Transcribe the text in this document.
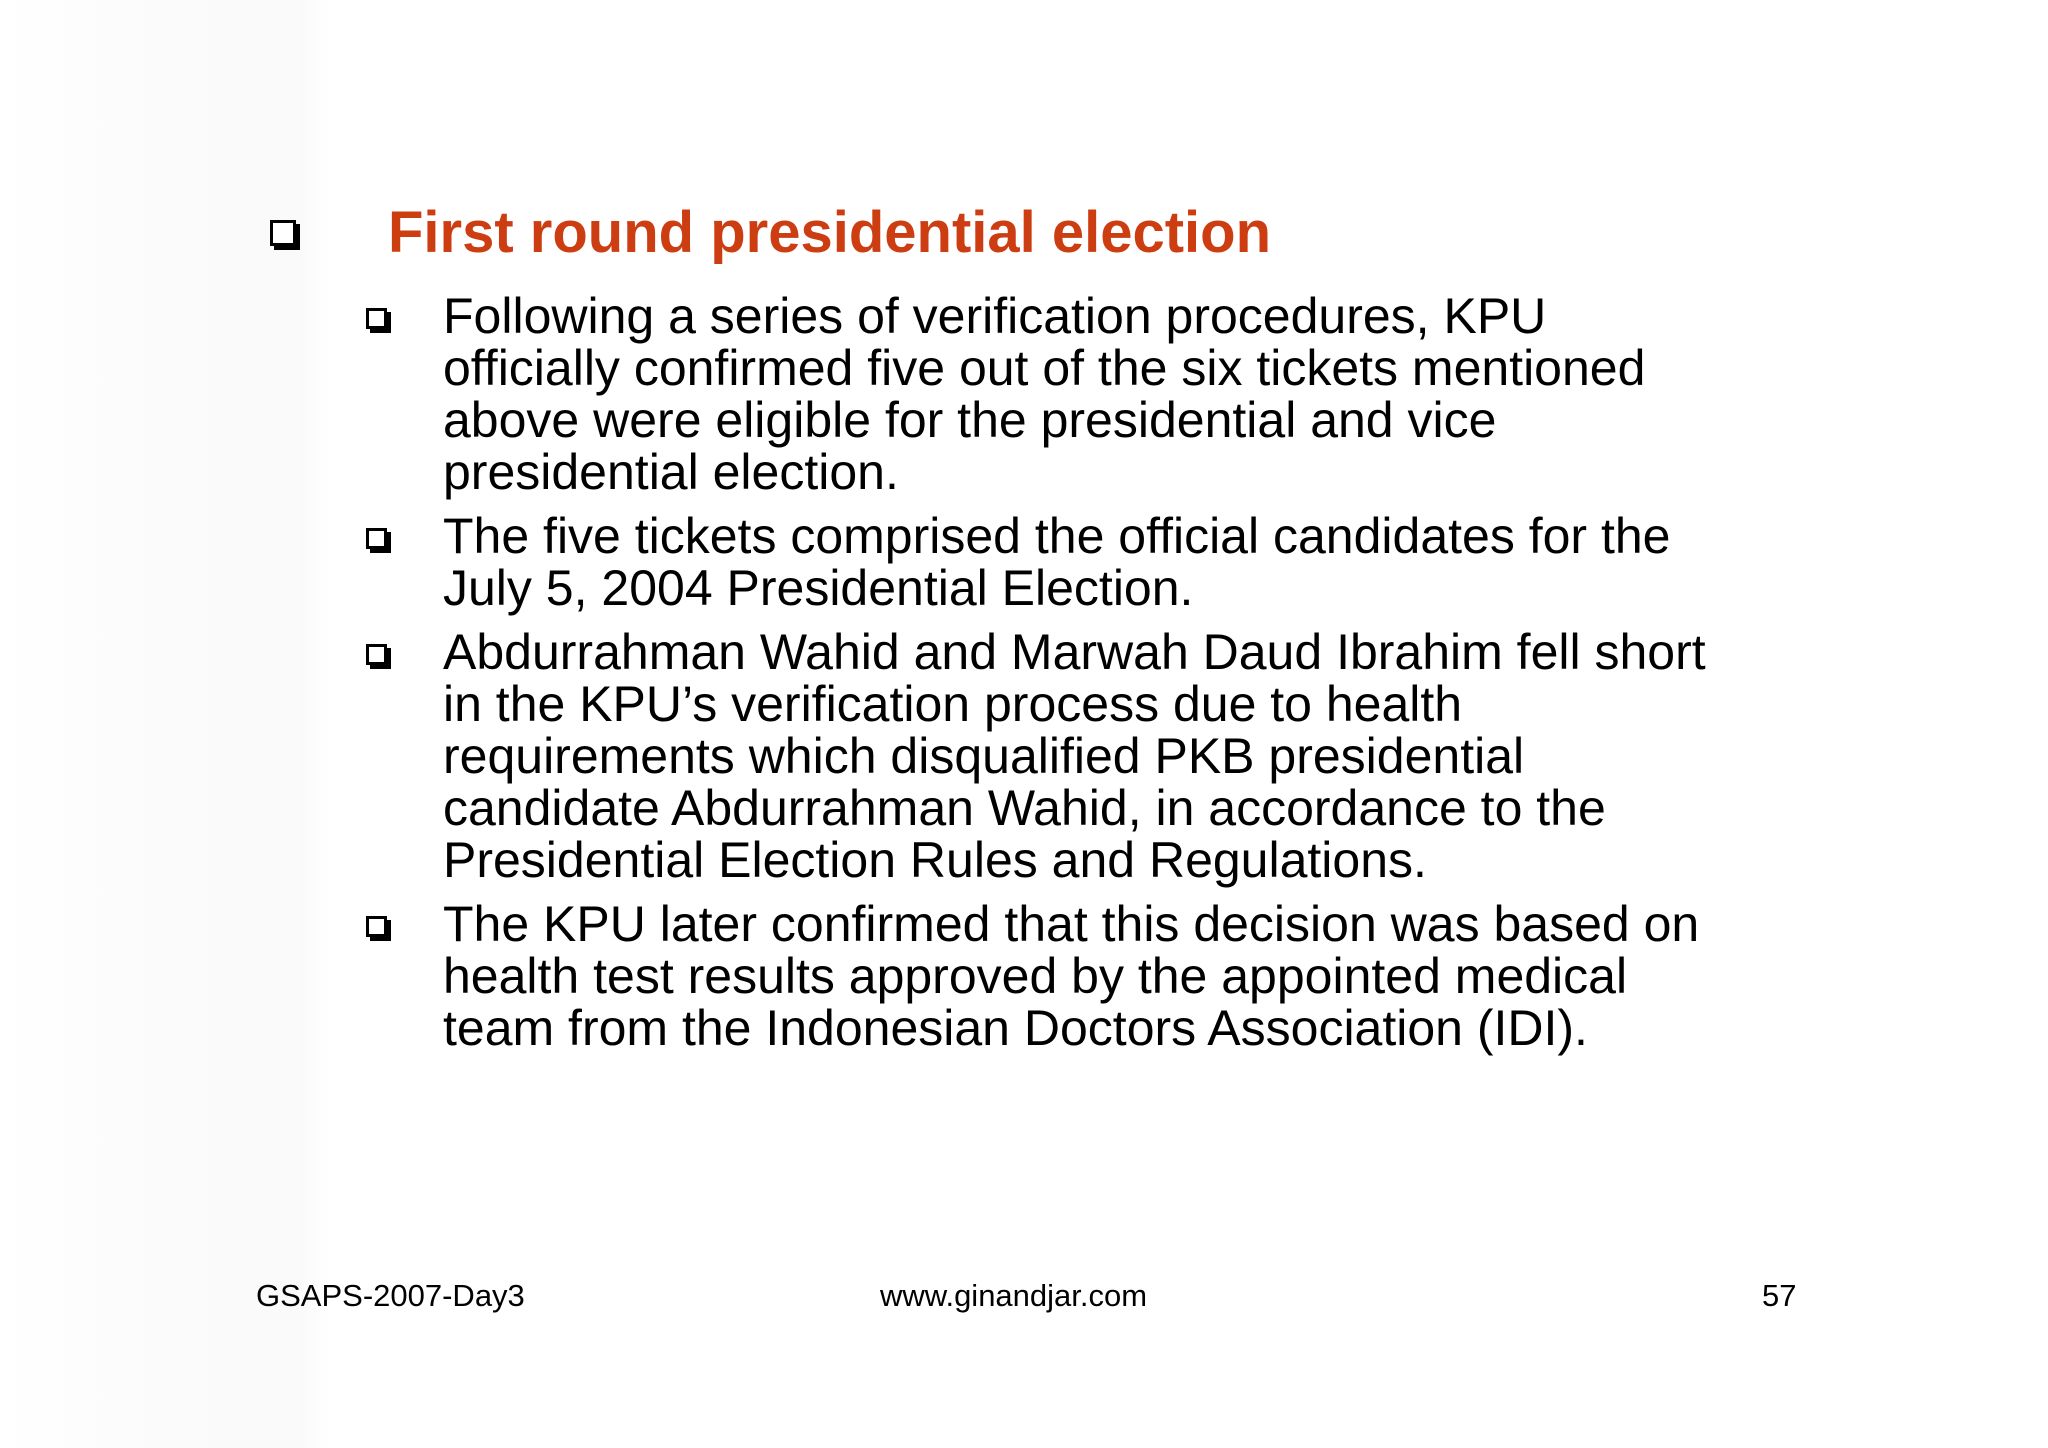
First round presidential election
Following a series of verification procedures, KPU
officially confirmed five out of the six tickets mentioned
above were eligible for the presidential and vice
presidential election.
The five tickets comprised the official candidates for the
July 5, 2004 Presidential Election.
Abdurrahman Wahid and Marwah Daud Ibrahim fell short
in the KPU’s verification process due to health
requirements which disqualified PKB presidential
candidate Abdurrahman Wahid, in accordance to the
Presidential Election Rules and Regulations.
The KPU later confirmed that this decision was based on
health test results approved by the appointed medical
team from the Indonesian Doctors Association (IDI).
GSAPS-2007-Day3	www.ginandjar.com	57
